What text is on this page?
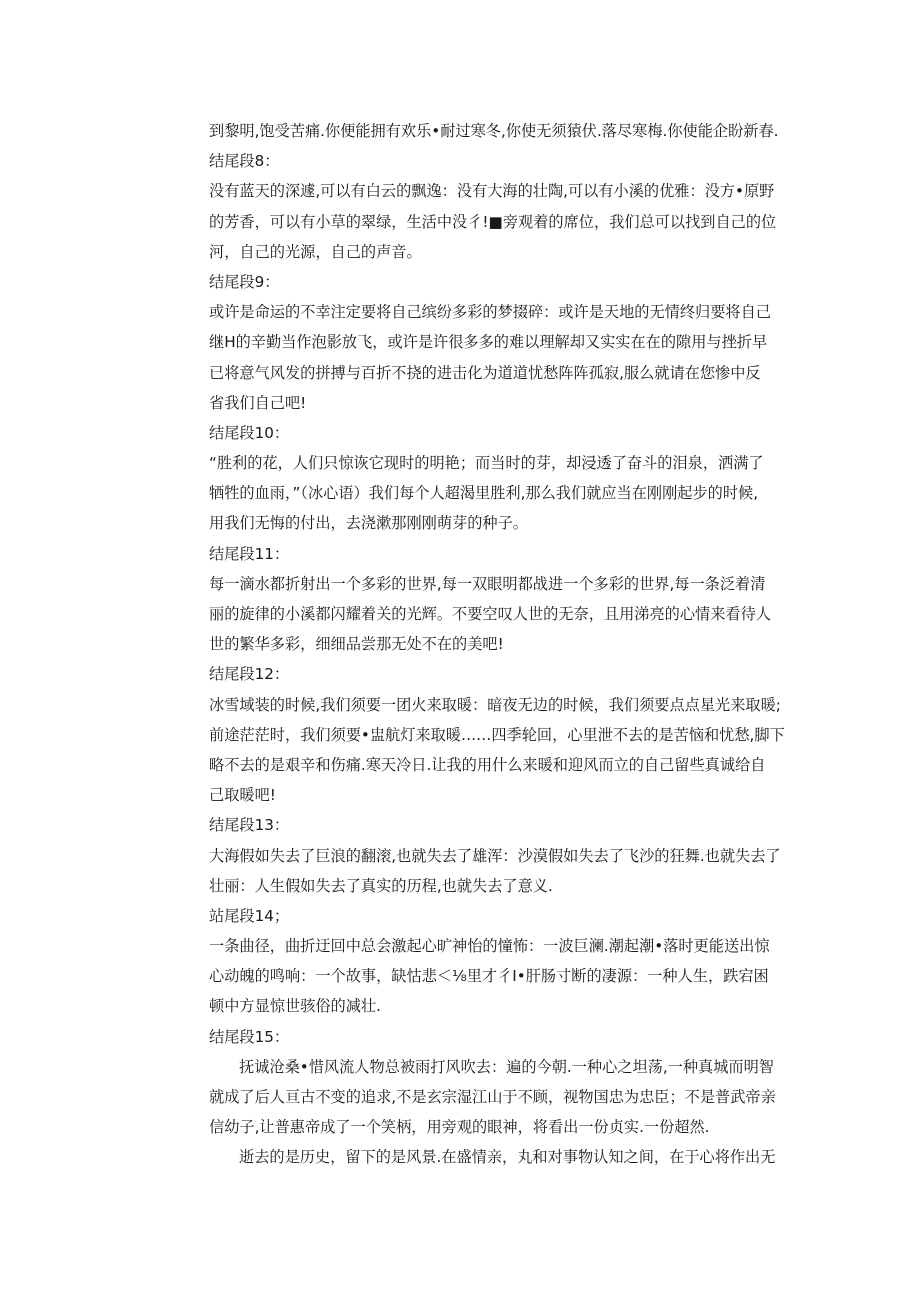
到黎明,饱受苦痛.你便能拥有欢乐•耐过寒冬,你使无须猿伏.落尽寒梅.你使能企盼新春.
结尾段8：
没有蓝天的深遽,可以有白云的飘逸：没有大海的壮陶,可以有小溪的优雅：没方•原野
的芳香，可以有小草的翠绿，生活中没彳!■旁观着的席位，我们总可以找到自己的位
河，自己的光源，自己的声音。
结尾段9：
或许是命运的不幸注定要将自己缤纷多彩的梦掇碎：或许是天地的无情终归要将自己
继H的辛勤当作泡影放飞，或许是许很多多的难以理解却又实实在在的隙用与挫折早
已将意气风发的拼搏与百折不挠的进击化为道道忧愁阵阵孤寂,服么就请在您惨中反
省我们自己吧!
结尾段10：
“胜利的花，人们只惊诙它现时的明艳；而当时的芽，却浸透了奋斗的泪泉，洒满了
牺牲的血雨，”（冰心语）我们每个人超渴里胜利,那么我们就应当在刚刚起步的时候,
用我们无悔的付出，去浇漱那刚刚萌芽的种子。
结尾段11：
每一滴水都折射出一个多彩的世界,每一双眼明都战进一个多彩的世界,每一条泛着清
丽的旋律的小溪都闪耀着关的光辉。不要空叹人世的无奈，且用涕亮的心情来看待人
世的繁华多彩，细细品尝那无处不在的美吧!
结尾段12：
冰雪域装的时候,我们须要一团火来取暖：暗夜无边的时候，我们须要点点星光来取暖;
前途茫茫时，我们须要•盅航灯来取暖……四季轮回，心里泄不去的是苦恼和忧愁,脚下
略不去的是艰辛和伤痛.寒天冷日.让我的用什么来暖和迎风而立的自己留些真诚给自
己取暖吧!
结尾段13：
大海假如失去了巨浪的翻滚,也就失去了雄浑：沙漠假如失去了飞沙的狂舞.也就失去了
壮丽：人生假如失去了真实的历程,也就失去了意义.
站尾段14；
一条曲径，曲折迂回中总会激起心旷神怡的憧怖：一波巨澜.潮起潮•落时更能送出惊
心动魄的鸣响：一个故事，缺怙悲＜⅛里才彳I•肝肠寸断的凄源：一种人生，跌宕困
顿中方显惊世骇俗的减壮.
结尾段15：
抚诚沧桑•惜风流人物总被雨打风吹去：遍的今朝.一种心之坦荡,一种真城而明智
就成了后人亘古不变的追求,不是玄宗湿江山于不顾，视物国忠为忠臣；不是普武帝亲
信幼子,让普惠帝成了一个笑柄，用旁观的眼神，将看出一份贞实.一份超然.
逝去的是历史，留下的是风景.在盛情亲，丸和对事物认知之间，在于心将作出无
